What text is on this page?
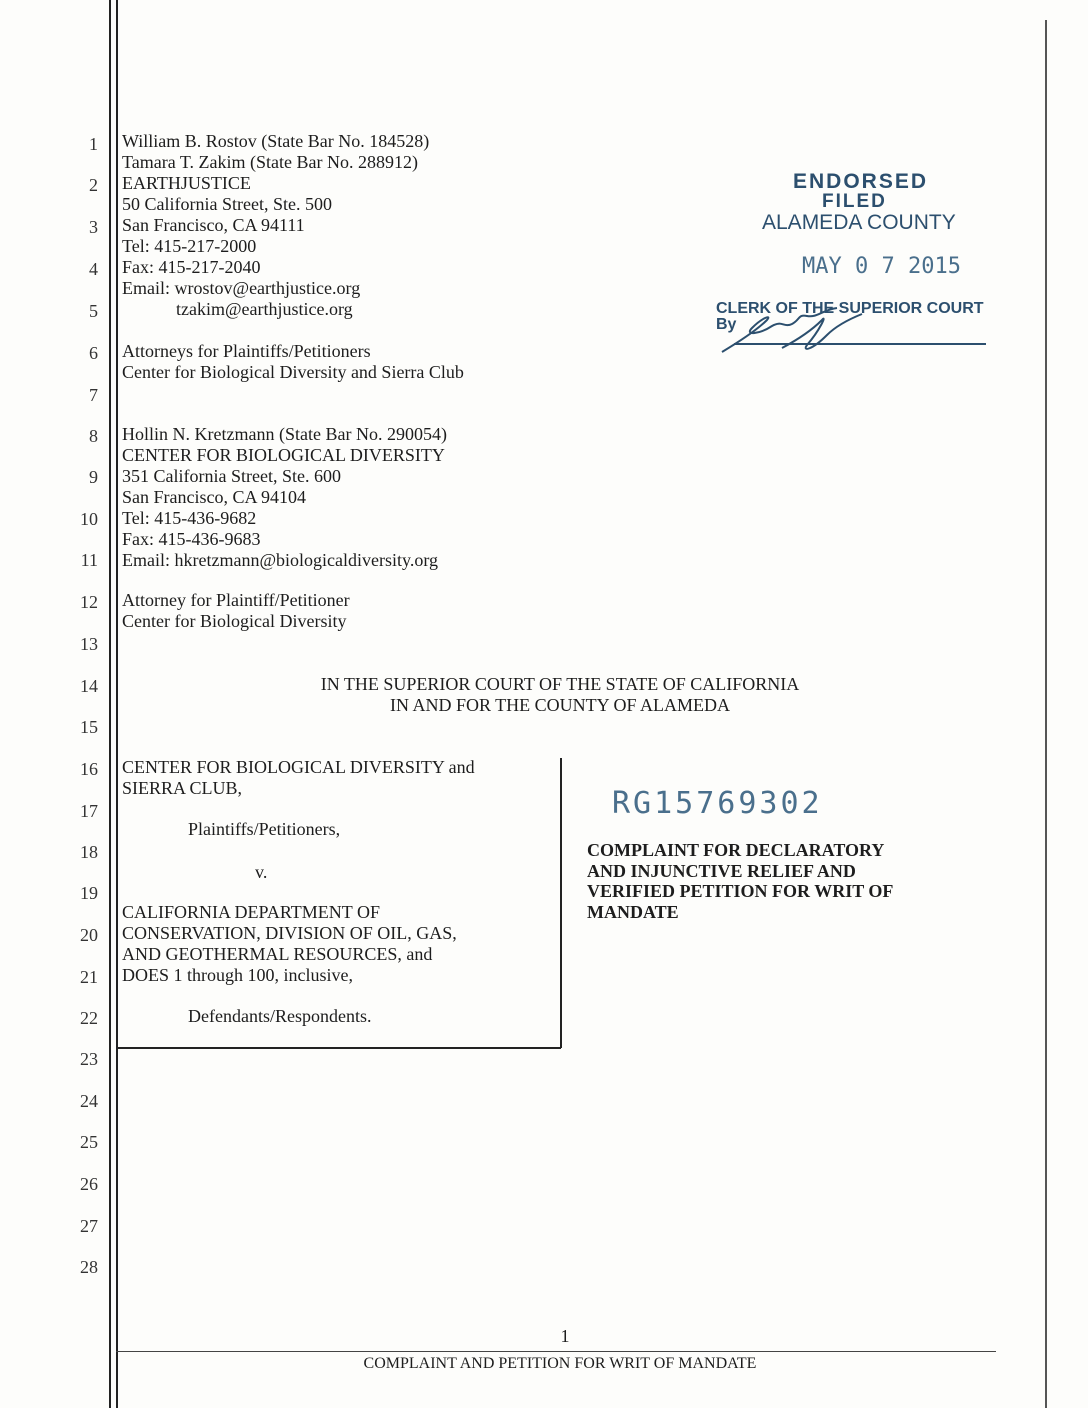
1
2
3
4
5
6
7
8
9
10
11
12
13
14
15
16
17
18
19
20
21
22
23
24
25
26
27
28
William B. Rostov (State Bar No. 184528)
Tamara T. Zakim (State Bar No. 288912)
EARTHJUSTICE
50 California Street, Ste. 500
San Francisco, CA 94111
Tel: 415-217-2000
Fax: 415-217-2040
Email: wrostov@earthjustice.org
tzakim@earthjustice.org
Attorneys for Plaintiffs/Petitioners
Center for Biological Diversity and Sierra Club
Hollin N. Kretzmann (State Bar No. 290054)
CENTER FOR BIOLOGICAL DIVERSITY
351 California Street, Ste. 600
San Francisco, CA 94104
Tel: 415-436-9682
Fax: 415-436-9683
Email: hkretzmann@biologicaldiversity.org
Attorney for Plaintiff/Petitioner
Center for Biological Diversity
ENDORSED
FILED
ALAMEDA COUNTY
MAY 0 7 2015
CLERK OF THE SUPERIOR COURT
By
IN THE SUPERIOR COURT OF THE STATE OF CALIFORNIA
IN AND FOR THE COUNTY OF ALAMEDA
CENTER FOR BIOLOGICAL DIVERSITY and
SIERRA CLUB,
Plaintiffs/Petitioners,
v.
CALIFORNIA DEPARTMENT OF
CONSERVATION, DIVISION OF OIL, GAS,
AND GEOTHERMAL RESOURCES, and
DOES 1 through 100, inclusive,
Defendants/Respondents.
RG15769302
COMPLAINT FOR DECLARATORY
AND INJUNCTIVE RELIEF AND
VERIFIED PETITION FOR WRIT OF
MANDATE
1
COMPLAINT AND PETITION FOR WRIT OF MANDATE
